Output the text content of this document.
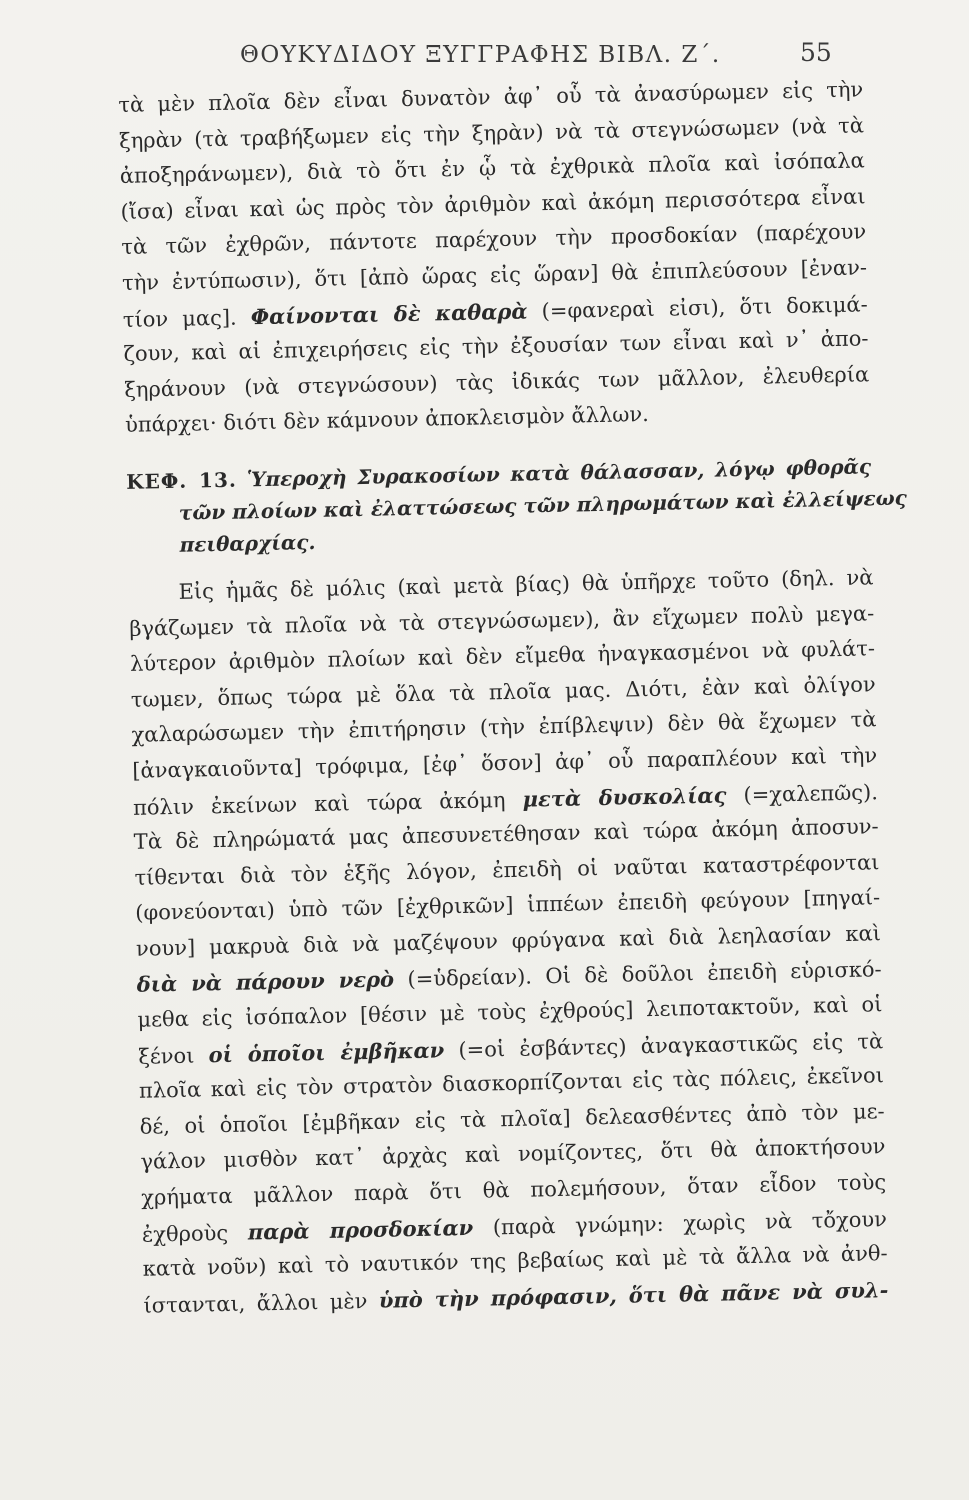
ΘΟΥΚΥΔΙΔΟΥ ΞΥΓΓΡΑΦΗΣ ΒΙΒΛ. Ζ΄.	55
τὰ μὲν πλοῖα δὲν εἶναι δυνατὸν ἀφ᾽ οὗ τὰ ἀνασύρωμεν εἰς τὴν
ξηρὰν (τὰ τραβήξωμεν εἰς τὴν ξηρὰν) νὰ τὰ στεγνώσωμεν (νὰ τὰ
ἀποξηράνωμεν), διὰ τὸ ὅτι ἐν ᾧ τὰ ἐχθρικὰ πλοῖα καὶ ἰσόπαλα
(ἴσα) εἶναι καὶ ὡς πρὸς τὸν ἀριθμὸν καὶ ἀκόμη περισσότερα εἶναι
τὰ τῶν ἐχθρῶν, πάντοτε παρέχουν τὴν προσδοκίαν (παρέχουν
τὴν ἐντύπωσιν), ὅτι [ἀπὸ ὥρας εἰς ὥραν] θὰ ἐπιπλεύσουν [ἐναν-
τίον μας]. Φαίνονται δὲ καθαρὰ (=φανεραὶ εἰσι), ὅτι δοκιμά-
ζουν, καὶ αἱ ἐπιχειρήσεις εἰς τὴν ἐξουσίαν των εἶναι καὶ ν᾽ ἀπο-
ξηράνουν (νὰ στεγνώσουν) τὰς ἰδικάς των μᾶλλον, ἐλευθερία
ὑπάρχει· διότι δὲν κάμνουν ἀποκλεισμὸν ἄλλων.
ΚΕΦ. 13. Ὑπεροχὴ Συρακοσίων κατὰ θάλασσαν, λόγῳ φθορᾶς
τῶν πλοίων καὶ ἐλαττώσεως τῶν πληρωμάτων καὶ ἐλλείψεως
πειθαρχίας.
Εἰς ἡμᾶς δὲ μόλις (καὶ μετὰ βίας) θὰ ὑπῆρχε τοῦτο (δηλ. νὰ
βγάζωμεν τὰ πλοῖα νὰ τὰ στεγνώσωμεν), ἂν εἴχωμεν πολὺ μεγα-
λύτερον ἀριθμὸν πλοίων καὶ δὲν εἴμεθα ἠναγκασμένοι νὰ φυλάτ-
τωμεν, ὅπως τώρα μὲ ὅλα τὰ πλοῖα μας. Διότι, ἐὰν καὶ ὀλίγον
χαλαρώσωμεν τὴν ἐπιτήρησιν (τὴν ἐπίβλεψιν) δὲν θὰ ἔχωμεν τὰ
[ἀναγκαιοῦντα] τρόφιμα, [ἐφ᾽ ὅσον] ἀφ᾽ οὗ παραπλέουν καὶ τὴν
πόλιν ἐκείνων καὶ τώρα ἀκόμη μετὰ δυσκολίας (=χαλεπῶς).
Τὰ δὲ πληρώματά μας ἀπεσυνετέθησαν καὶ τώρα ἀκόμη ἀποσυν-
τίθενται διὰ τὸν ἑξῆς λόγον, ἐπειδὴ οἱ ναῦται καταστρέφονται
(φονεύονται) ὑπὸ τῶν [ἐχθρικῶν] ἱππέων ἐπειδὴ φεύγουν [πηγαί-
νουν] μακρυὰ διὰ νὰ μαζέψουν φρύγανα καὶ διὰ λεηλασίαν καὶ
διὰ νὰ πάρουν νερὸ (=ὑδρείαν). Οἱ δὲ δοῦλοι ἐπειδὴ εὑρισκό-
μεθα εἰς ἰσόπαλον [θέσιν μὲ τοὺς ἐχθρούς] λειποτακτοῦν, καὶ οἱ
ξένοι οἱ ὁποῖοι ἐμβῆκαν (=οἱ ἐσβάντες) ἀναγκαστικῶς εἰς τὰ
πλοῖα καὶ εἰς τὸν στρατὸν διασκορπίζονται εἰς τὰς πόλεις, ἐκεῖνοι
δέ, οἱ ὁποῖοι [ἐμβῆκαν εἰς τὰ πλοῖα] δελεασθέντες ἀπὸ τὸν με-
γάλον μισθὸν κατ᾽ ἀρχὰς καὶ νομίζοντες, ὅτι θὰ ἀποκτήσουν
χρήματα μᾶλλον παρὰ ὅτι θὰ πολεμήσουν, ὅταν εἶδον τοὺς
ἐχθροὺς παρὰ προσδοκίαν (παρὰ γνώμην: χωρὶς νὰ τὄχουν
κατὰ νοῦν) καὶ τὸ ναυτικόν της βεβαίως καὶ μὲ τὰ ἄλλα νὰ ἀνθ-
ίστανται, ἄλλοι μὲν ὑπὸ τὴν πρόφασιν, ὅτι θὰ πᾶνε νὰ συλ-
